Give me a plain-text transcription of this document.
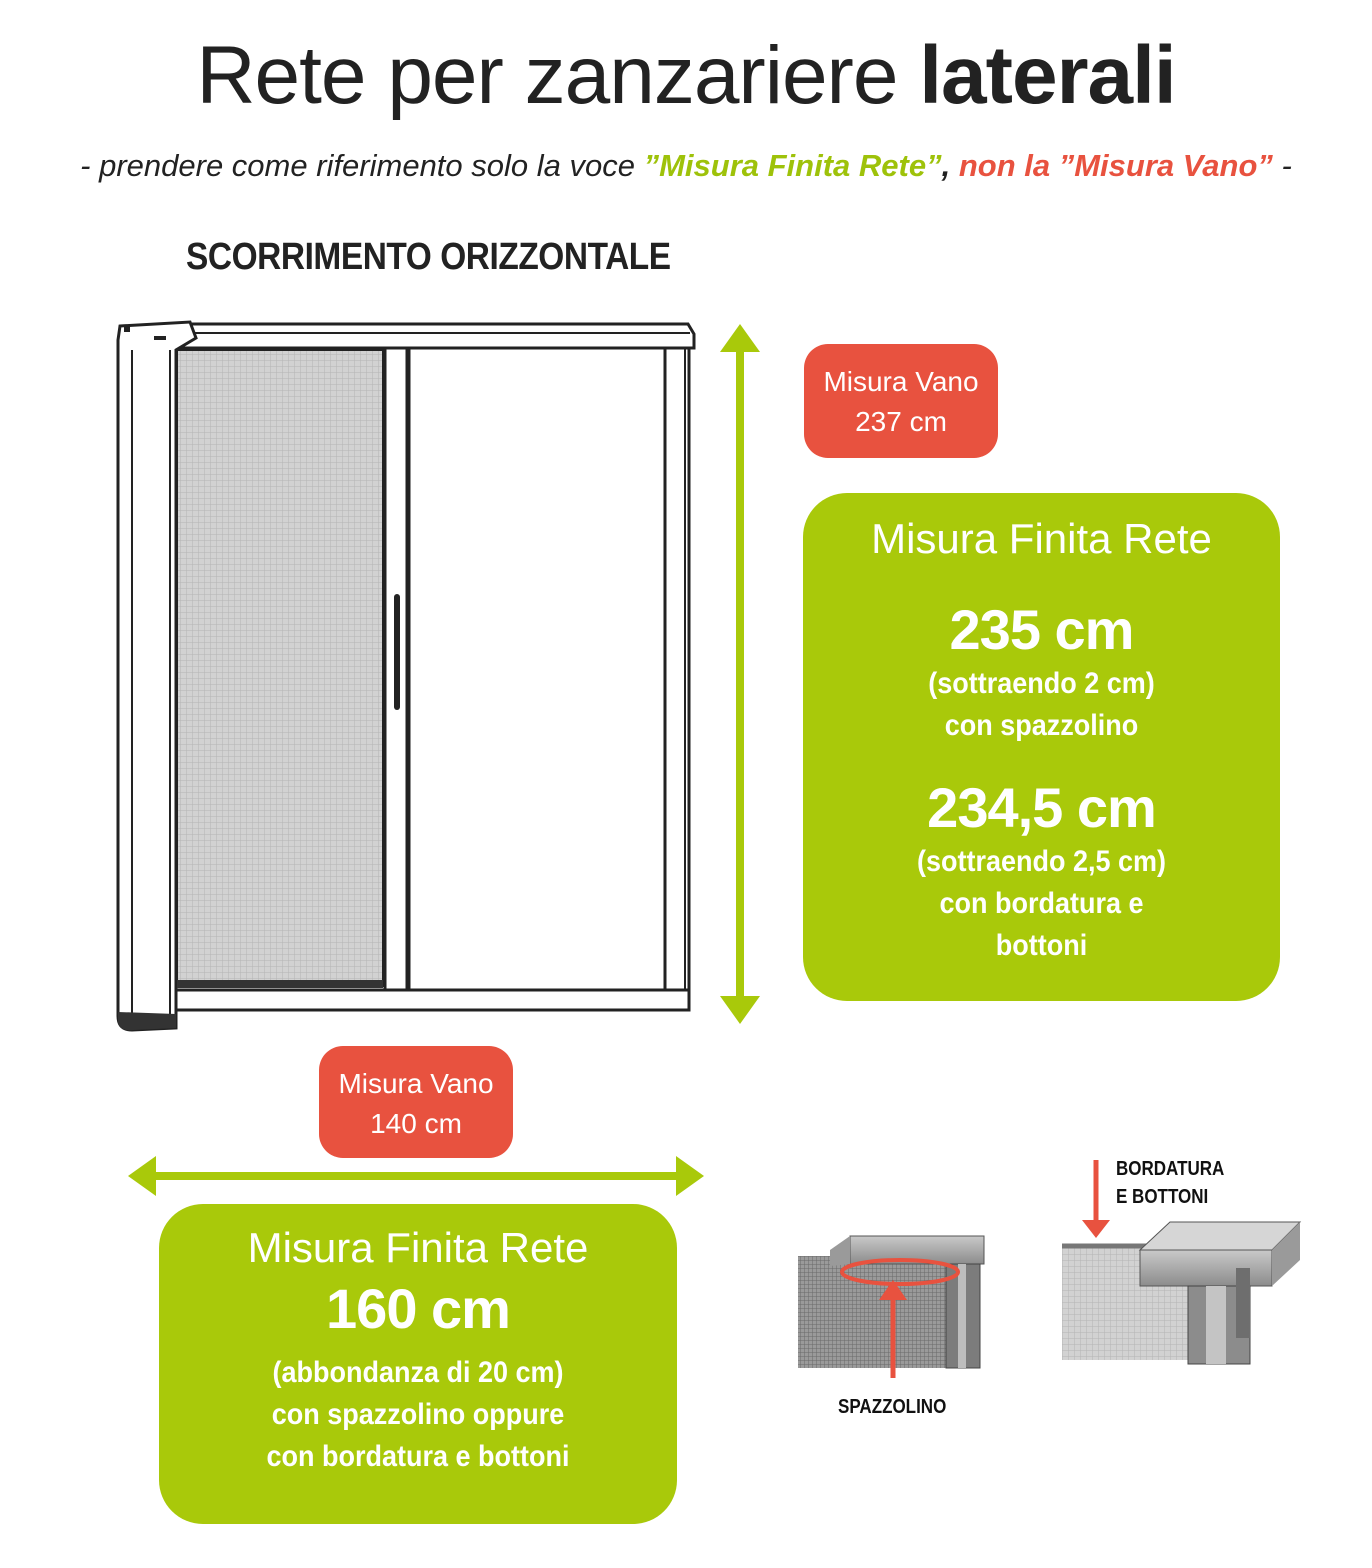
Rete per zanzariere laterali
- prendere come riferimento solo la voce ”Misura Finita Rete”, non la ”Misura Vano” -
SCORRIMENTO ORIZZONTALE
Misura Vano
237 cm
Misura Finita Rete
235 cm
(sottraendo 2 cm)
con spazzolino
234,5 cm
(sottraendo 2,5 cm)
con bordatura e
bottoni
Misura Vano
140 cm
Misura Finita Rete
160 cm
(abbondanza di 20 cm)
con spazzolino oppure
con bordatura e bottoni
SPAZZOLINO
BORDATURA
E BOTTONI
